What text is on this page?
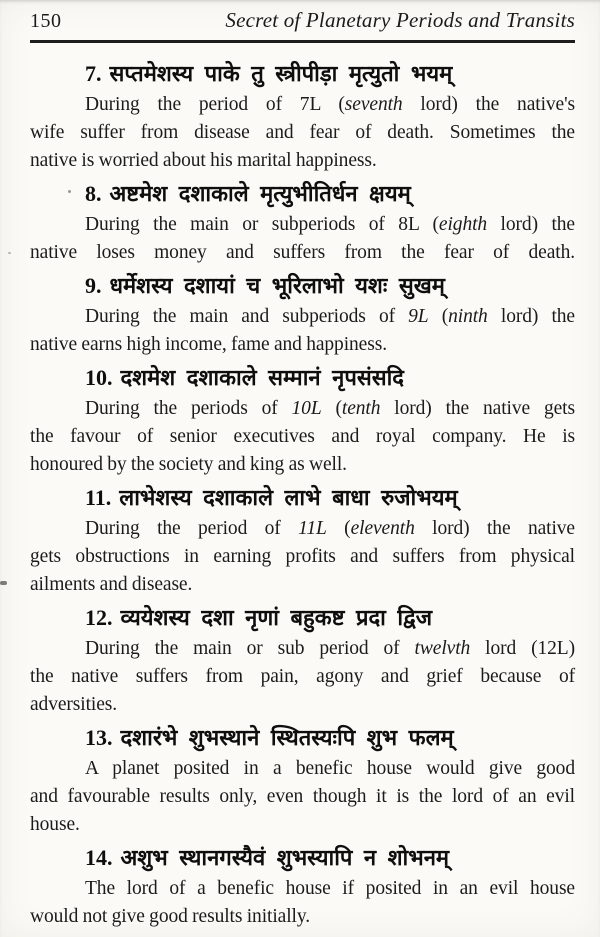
150	Secret of Planetary Periods and Transits
7. सप्तमेशस्य पाके तु स्त्रीपीड़ा मृत्युतो भयम्
During the period of 7L (seventh lord) the native's
wife suffer from disease and fear of death. Sometimes the
native is worried about his marital happiness.
8. अष्टमेश दशाकाले मृत्युभीतिर्धन क्षयम्
During the main or subperiods of 8L (eighth lord) the
native loses money and suffers from the fear of death.
9. धर्मेशस्य दशायां च भूरिलाभो यशः सुखम्
During the main and subperiods of 9L (ninth lord) the
native earns high income, fame and happiness.
10. दशमेश दशाकाले सम्मानं नृपसंसदि
During the periods of 10L (tenth lord) the native gets
the favour of senior executives and royal company. He is
honoured by the society and king as well.
11. लाभेशस्य दशाकाले लाभे बाधा रुजोभयम्
During the period of 11L (eleventh lord) the native
gets obstructions in earning profits and suffers from physical
ailments and disease.
12. व्ययेशस्य दशा नृणां बहुकष्ट प्रदा द्विज
During the main or sub period of twelvth lord (12L)
the native suffers from pain, agony and grief because of
adversities.
13. दशारंभे शुभस्थाने स्थितस्यःपि शुभ फलम्
A planet posited in a benefic house would give good
and favourable results only, even though it is the lord of an evil
house.
14. अशुभ स्थानगस्यैवं शुभस्यापि न शोभनम्
The lord of a benefic house if posited in an evil house
would not give good results initially.
